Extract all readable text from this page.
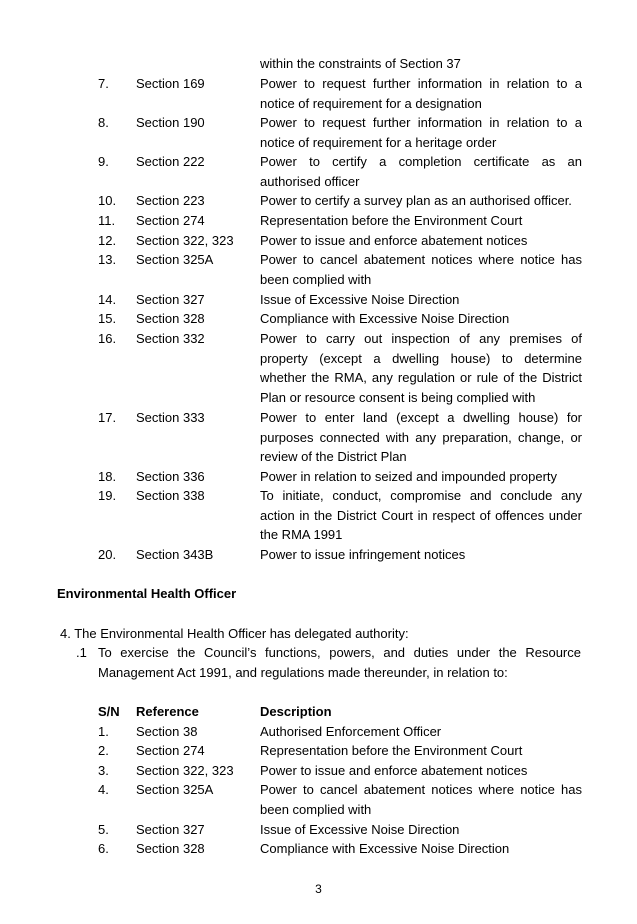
within the constraints of Section 37
7. Section 169	Power to request further information in relation to a notice of requirement for a designation
8. Section 190	Power to request further information in relation to a notice of requirement for a heritage order
9. Section 222	Power to certify a completion certificate as an authorised officer
10. Section 223	Power to certify a survey plan as an authorised officer.
11. Section 274	Representation before the Environment Court
12. Section 322, 323 Power to issue and enforce abatement notices
13. Section 325A	Power to cancel abatement notices where notice has been complied with
14. Section 327	Issue of Excessive Noise Direction
15. Section 328	Compliance with Excessive Noise Direction
16. Section 332	Power to carry out inspection of any premises of property (except a dwelling house) to determine whether the RMA, any regulation or rule of the District Plan or resource consent is being complied with
17. Section 333	Power to enter land (except a dwelling house) for purposes connected with any preparation, change, or review of the District Plan
18. Section 336	Power in relation to seized and impounded property
19. Section 338	To initiate, conduct, compromise and conclude any action in the District Court in respect of offences under the RMA 1991
20. Section 343B	Power to issue infringement notices
Environmental Health Officer
4. The Environmental Health Officer has delegated authority:
.1 To exercise the Council’s functions, powers, and duties under the Resource Management Act 1991, and regulations made thereunder, in relation to:
S/N Reference	Description
1. Section 38	Authorised Enforcement Officer
2. Section 274	Representation before the Environment Court
3. Section 322, 323 Power to issue and enforce abatement notices
4. Section 325A	Power to cancel abatement notices where notice has been complied with
5. Section 327	Issue of Excessive Noise Direction
6. Section 328	Compliance with Excessive Noise Direction
3
